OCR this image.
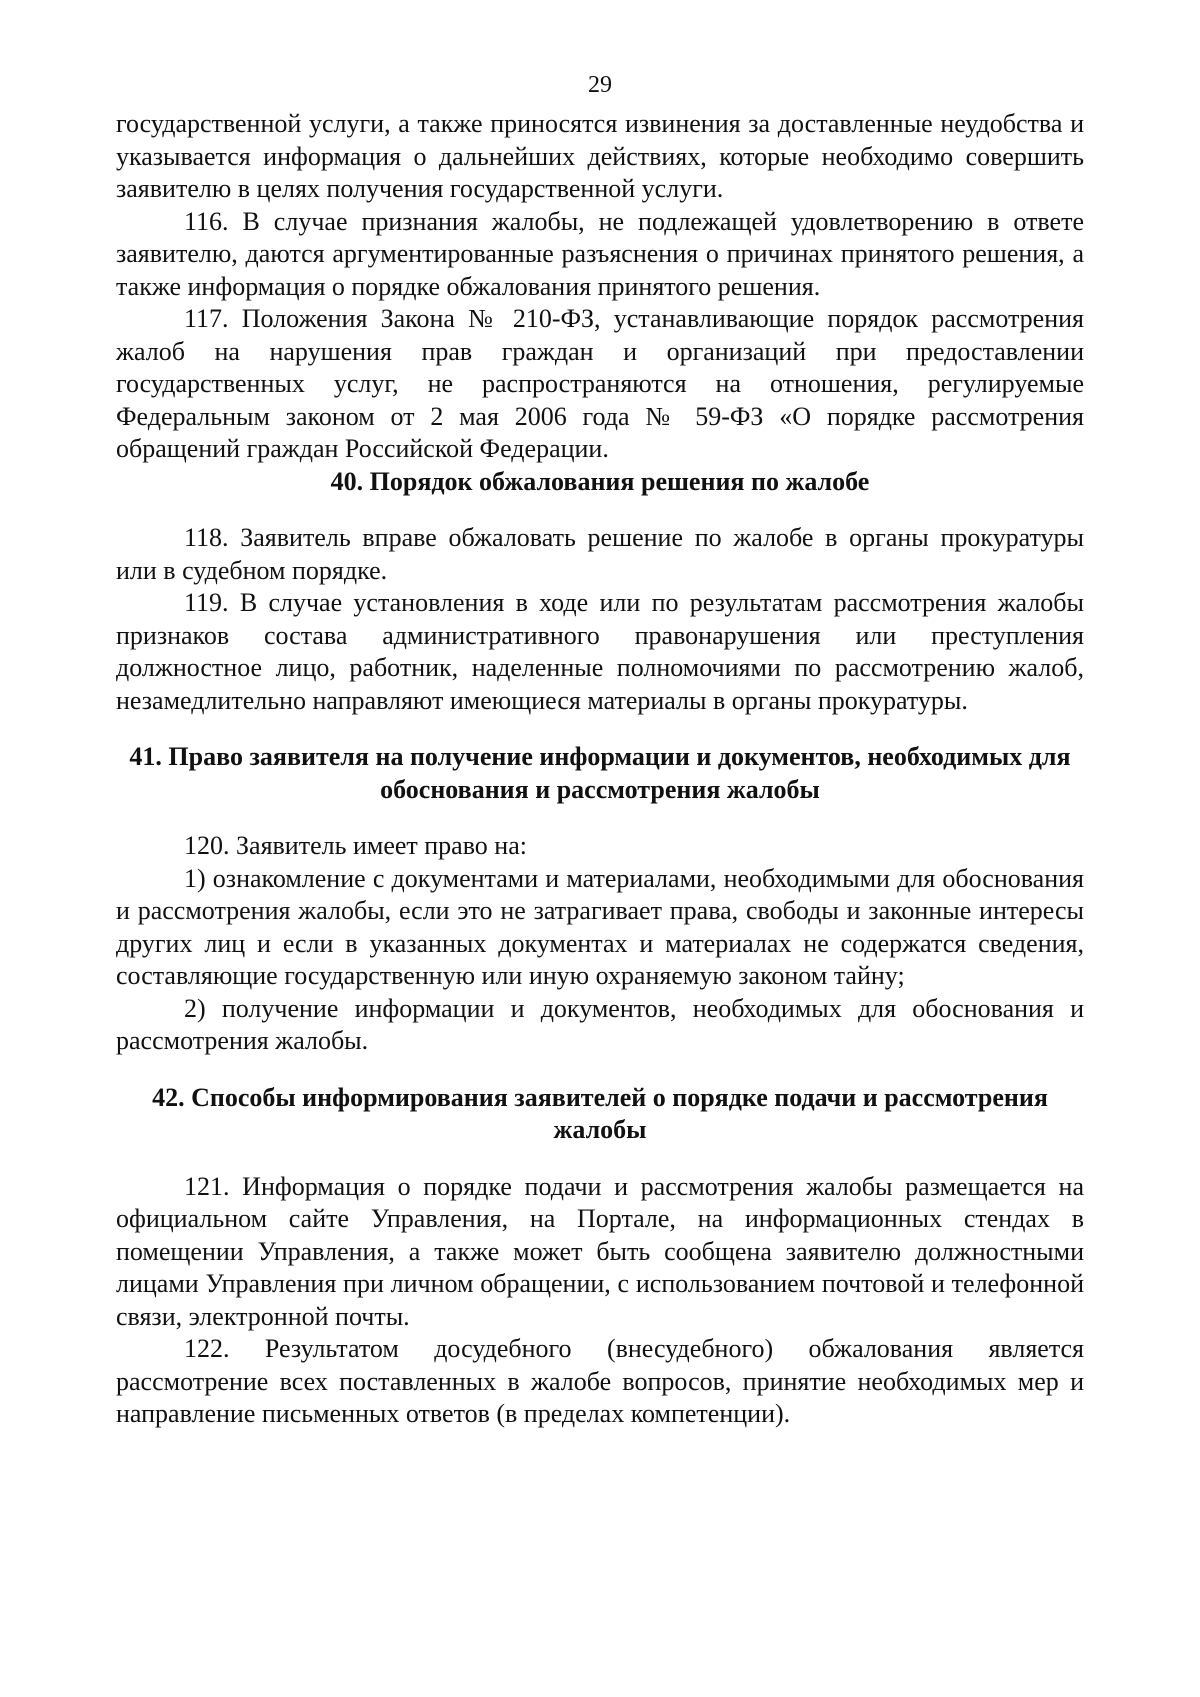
29

государственной услуги, а также приносятся извинения за доставленные неудобства и указывается информация о дальнейших действиях, которые необходимо совершить заявителю в целях получения государственной услуги.

116. В случае признания жалобы, не подлежащей удовлетворению в ответе заявителю, даются аргументированные разъяснения о причинах принятого решения, а также информация о порядке обжалования принятого решения.

117. Положения Закона № 210-ФЗ, устанавливающие порядок рассмотрения жалоб на нарушения прав граждан и организаций при предоставлении государственных услуг, не распространяются на отношения, регулируемые Федеральным законом от 2 мая 2006 года № 59-ФЗ «О порядке рассмотрения обращений граждан Российской Федерации.

40. Порядок обжалования решения по жалобе

118. Заявитель вправе обжаловать решение по жалобе в органы прокуратуры или в судебном порядке.

119. В случае установления в ходе или по результатам рассмотрения жалобы признаков состава административного правонарушения или преступления должностное лицо, работник, наделенные полномочиями по рассмотрению жалоб, незамедлительно направляют имеющиеся материалы в органы прокуратуры.

41. Право заявителя на получение информации и документов, необходимых для обоснования и рассмотрения жалобы

120. Заявитель имеет право на:

1) ознакомление с документами и материалами, необходимыми для обоснования и рассмотрения жалобы, если это не затрагивает права, свободы и законные интересы других лиц и если в указанных документах и материалах не содержатся сведения, составляющие государственную или иную охраняемую законом тайну;

2) получение информации и документов, необходимых для обоснования и рассмотрения жалобы.

42. Способы информирования заявителей о порядке подачи и рассмотрения жалобы

121. Информация о порядке подачи и рассмотрения жалобы размещается на официальном сайте Управления, на Портале, на информационных стендах в помещении Управления, а также может быть сообщена заявителю должностными лицами Управления при личном обращении, с использованием почтовой и телефонной связи, электронной почты.

122. Результатом досудебного (внесудебного) обжалования является рассмотрение всех поставленных в жалобе вопросов, принятие необходимых мер и направление письменных ответов (в пределах компетенции).
